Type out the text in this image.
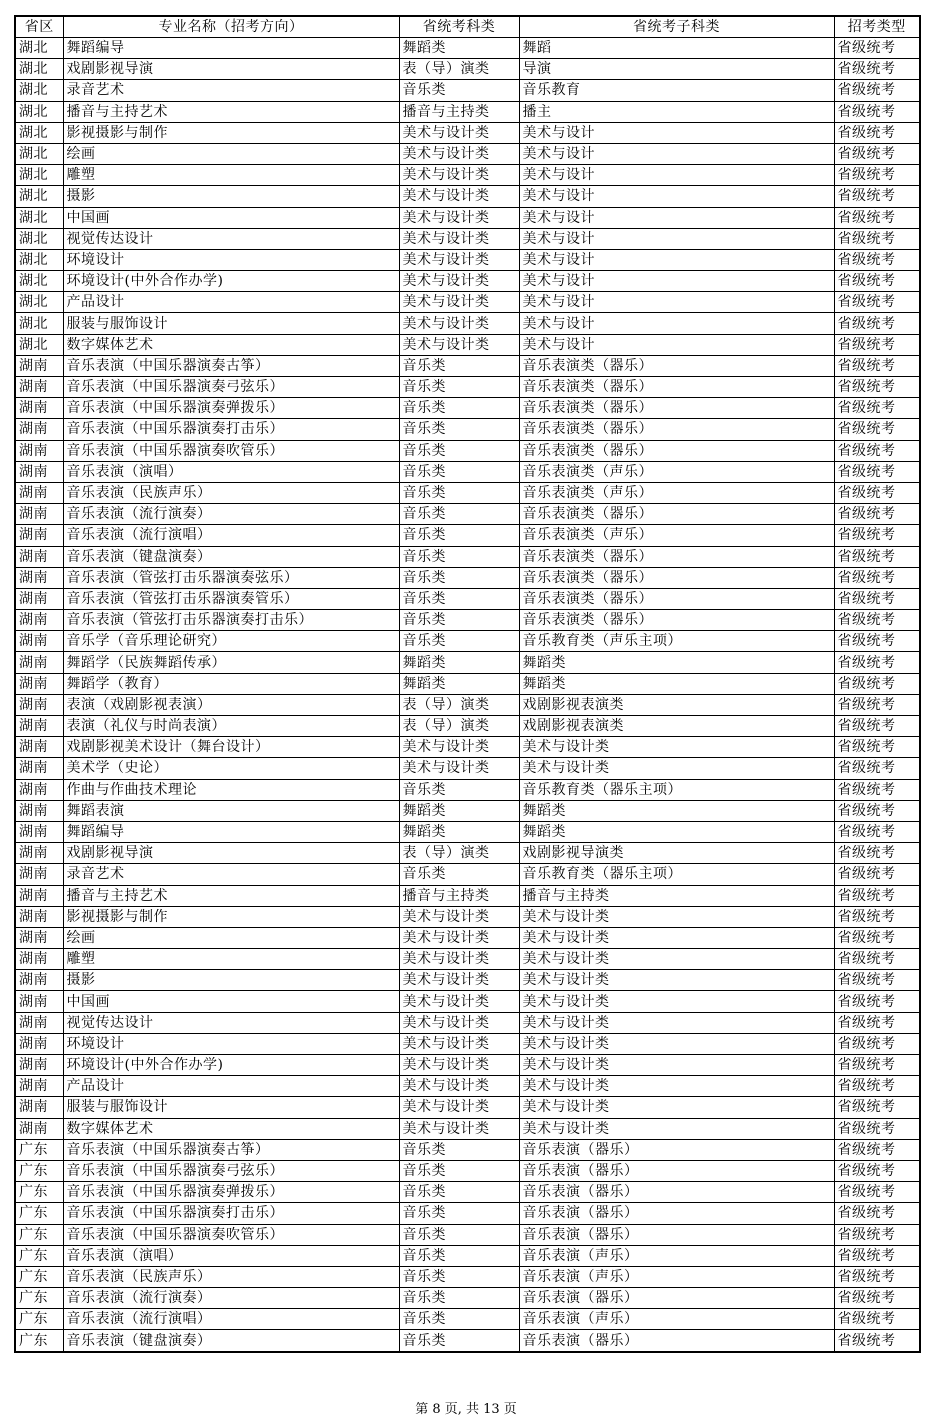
省区	专业名称（招考方向）	省统考科类	省统考子科类	招考类型
湖北	舞蹈编导	舞蹈类	舞蹈	省级统考
湖北	戏剧影视导演	表（导）演类	导演	省级统考
湖北	录音艺术	音乐类	音乐教育	省级统考
湖北	播音与主持艺术	播音与主持类	播主	省级统考
湖北	影视摄影与制作	美术与设计类	美术与设计	省级统考
湖北	绘画	美术与设计类	美术与设计	省级统考
湖北	雕塑	美术与设计类	美术与设计	省级统考
湖北	摄影	美术与设计类	美术与设计	省级统考
湖北	中国画	美术与设计类	美术与设计	省级统考
湖北	视觉传达设计	美术与设计类	美术与设计	省级统考
湖北	环境设计	美术与设计类	美术与设计	省级统考
湖北	环境设计(中外合作办学)	美术与设计类	美术与设计	省级统考
湖北	产品设计	美术与设计类	美术与设计	省级统考
湖北	服装与服饰设计	美术与设计类	美术与设计	省级统考
湖北	数字媒体艺术	美术与设计类	美术与设计	省级统考
湖南	音乐表演（中国乐器演奏古筝）	音乐类	音乐表演类（器乐）	省级统考
湖南	音乐表演（中国乐器演奏弓弦乐）	音乐类	音乐表演类（器乐）	省级统考
湖南	音乐表演（中国乐器演奏弹拨乐）	音乐类	音乐表演类（器乐）	省级统考
湖南	音乐表演（中国乐器演奏打击乐）	音乐类	音乐表演类（器乐）	省级统考
湖南	音乐表演（中国乐器演奏吹管乐）	音乐类	音乐表演类（器乐）	省级统考
湖南	音乐表演（演唱）	音乐类	音乐表演类（声乐）	省级统考
湖南	音乐表演（民族声乐）	音乐类	音乐表演类（声乐）	省级统考
湖南	音乐表演（流行演奏）	音乐类	音乐表演类（器乐）	省级统考
湖南	音乐表演（流行演唱）	音乐类	音乐表演类（声乐）	省级统考
湖南	音乐表演（键盘演奏）	音乐类	音乐表演类（器乐）	省级统考
湖南	音乐表演（管弦打击乐器演奏弦乐）	音乐类	音乐表演类（器乐）	省级统考
湖南	音乐表演（管弦打击乐器演奏管乐）	音乐类	音乐表演类（器乐）	省级统考
湖南	音乐表演（管弦打击乐器演奏打击乐）	音乐类	音乐表演类（器乐）	省级统考
湖南	音乐学（音乐理论研究）	音乐类	音乐教育类（声乐主项）	省级统考
湖南	舞蹈学（民族舞蹈传承）	舞蹈类	舞蹈类	省级统考
湖南	舞蹈学（教育）	舞蹈类	舞蹈类	省级统考
湖南	表演（戏剧影视表演）	表（导）演类	戏剧影视表演类	省级统考
湖南	表演（礼仪与时尚表演）	表（导）演类	戏剧影视表演类	省级统考
湖南	戏剧影视美术设计（舞台设计）	美术与设计类	美术与设计类	省级统考
湖南	美术学（史论）	美术与设计类	美术与设计类	省级统考
湖南	作曲与作曲技术理论	音乐类	音乐教育类（器乐主项）	省级统考
湖南	舞蹈表演	舞蹈类	舞蹈类	省级统考
湖南	舞蹈编导	舞蹈类	舞蹈类	省级统考
湖南	戏剧影视导演	表（导）演类	戏剧影视导演类	省级统考
湖南	录音艺术	音乐类	音乐教育类（器乐主项）	省级统考
湖南	播音与主持艺术	播音与主持类	播音与主持类	省级统考
湖南	影视摄影与制作	美术与设计类	美术与设计类	省级统考
湖南	绘画	美术与设计类	美术与设计类	省级统考
湖南	雕塑	美术与设计类	美术与设计类	省级统考
湖南	摄影	美术与设计类	美术与设计类	省级统考
湖南	中国画	美术与设计类	美术与设计类	省级统考
湖南	视觉传达设计	美术与设计类	美术与设计类	省级统考
湖南	环境设计	美术与设计类	美术与设计类	省级统考
湖南	环境设计(中外合作办学)	美术与设计类	美术与设计类	省级统考
湖南	产品设计	美术与设计类	美术与设计类	省级统考
湖南	服装与服饰设计	美术与设计类	美术与设计类	省级统考
湖南	数字媒体艺术	美术与设计类	美术与设计类	省级统考
广东	音乐表演（中国乐器演奏古筝）	音乐类	音乐表演（器乐）	省级统考
广东	音乐表演（中国乐器演奏弓弦乐）	音乐类	音乐表演（器乐）	省级统考
广东	音乐表演（中国乐器演奏弹拨乐）	音乐类	音乐表演（器乐）	省级统考
广东	音乐表演（中国乐器演奏打击乐）	音乐类	音乐表演（器乐）	省级统考
广东	音乐表演（中国乐器演奏吹管乐）	音乐类	音乐表演（器乐）	省级统考
广东	音乐表演（演唱）	音乐类	音乐表演（声乐）	省级统考
广东	音乐表演（民族声乐）	音乐类	音乐表演（声乐）	省级统考
广东	音乐表演（流行演奏）	音乐类	音乐表演（器乐）	省级统考
广东	音乐表演（流行演唱）	音乐类	音乐表演（声乐）	省级统考
广东	音乐表演（键盘演奏）	音乐类	音乐表演（器乐）	省级统考
第 8 页, 共 13 页
